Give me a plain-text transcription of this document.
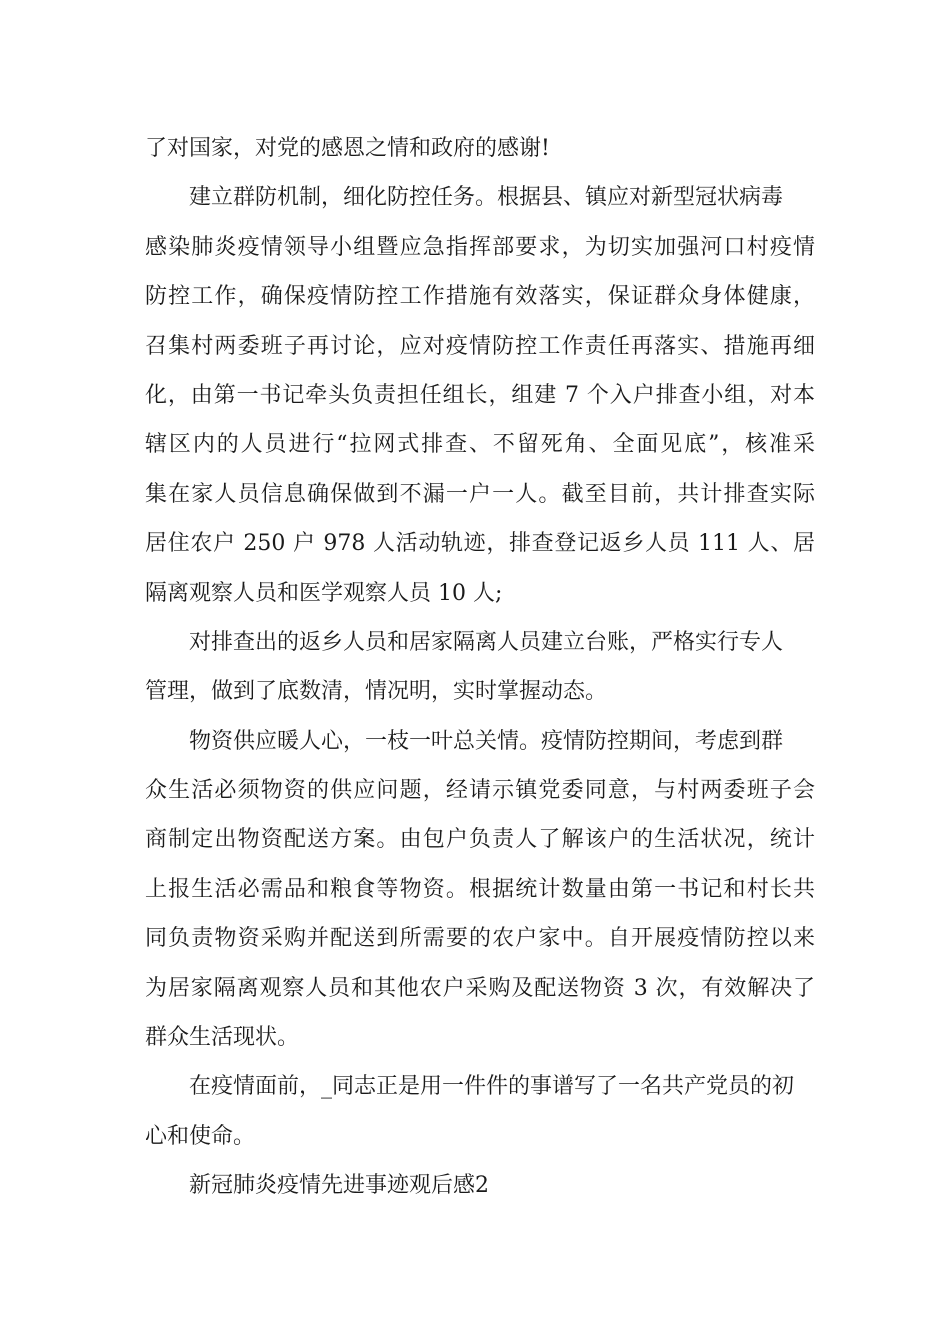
了对国家，对党的感恩之情和政府的感谢!
建立群防机制，细化防控任务。根据县、镇应对新型冠状病毒
感染肺炎疫情领导小组暨应急指挥部要求，为切实加强河口村疫情
防控工作，确保疫情防控工作措施有效落实，保证群众身体健康，
召集村两委班子再讨论，应对疫情防控工作责任再落实、措施再细
化，由第一书记牵头负责担任组长，组建 7 个入户排查小组，对本
辖区内的人员进行“拉网式排查、不留死角、全面见底”，核准采
集在家人员信息确保做到不漏一户一人。截至目前，共计排查实际
居住农户 250 户 978 人活动轨迹，排查登记返乡人员 111 人、居
隔离观察人员和医学观察人员 10 人;
对排查出的返乡人员和居家隔离人员建立台账，严格实行专人
管理，做到了底数清，情况明，实时掌握动态。
物资供应暖人心，一枝一叶总关情。疫情防控期间，考虑到群
众生活必须物资的供应问题，经请示镇党委同意，与村两委班子会
商制定出物资配送方案。由包户负责人了解该户的生活状况，统计
上报生活必需品和粮食等物资。根据统计数量由第一书记和村长共
同负责物资采购并配送到所需要的农户家中。自开展疫情防控以来
为居家隔离观察人员和其他农户采购及配送物资 3 次，有效解决了
群众生活现状。
在疫情面前，_同志正是用一件件的事谱写了一名共产党员的初
心和使命。
新冠肺炎疫情先进事迹观后感2
